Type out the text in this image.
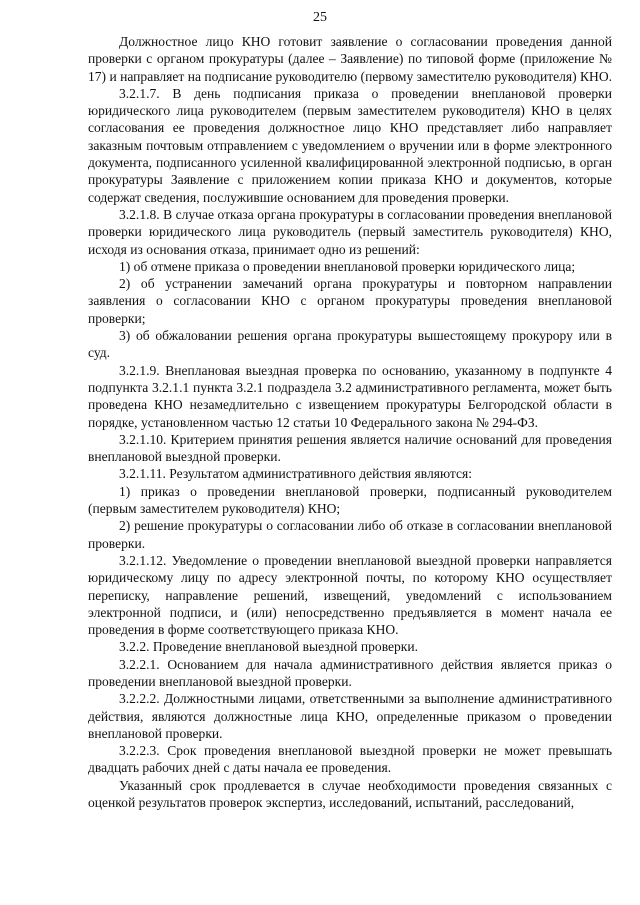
25

Должностное лицо КНО готовит заявление о согласовании проведения данной проверки с органом прокуратуры (далее – Заявление) по типовой форме (приложение № 17) и направляет на подписание руководителю (первому заместителю руководителя) КНО.

3.2.1.7. В день подписания приказа о проведении внеплановой проверки юридического лица руководителем (первым заместителем руководителя) КНО в целях согласования ее проведения должностное лицо КНО представляет либо направляет заказным почтовым отправлением с уведомлением о вручении или в форме электронного документа, подписанного усиленной квалифицированной электронной подписью, в орган прокуратуры Заявление с приложением копии приказа КНО и документов, которые содержат сведения, послужившие основанием для проведения проверки.

3.2.1.8. В случае отказа органа прокуратуры в согласовании проведения внеплановой проверки юридического лица руководитель (первый заместитель руководителя) КНО, исходя из основания отказа, принимает одно из решений:

1) об отмене приказа о проведении внеплановой проверки юридического лица;

2) об устранении замечаний органа прокуратуры и повторном направлении заявления о согласовании КНО с органом прокуратуры проведения внеплановой проверки;

3) об обжаловании решения органа прокуратуры вышестоящему прокурору или в суд.

3.2.1.9. Внеплановая выездная проверка по основанию, указанному в подпункте 4 подпункта 3.2.1.1 пункта 3.2.1 подраздела 3.2 административного регламента, может быть проведена КНО незамедлительно с извещением прокуратуры Белгородской области в порядке, установленном частью 12 статьи 10 Федерального закона № 294-ФЗ.

3.2.1.10. Критерием принятия решения является наличие оснований для проведения внеплановой выездной проверки.

3.2.1.11. Результатом административного действия являются:

1) приказ о проведении внеплановой проверки, подписанный руководителем (первым заместителем руководителя) КНО;

2) решение прокуратуры о согласовании либо об отказе в согласовании внеплановой проверки.

3.2.1.12. Уведомление о проведении внеплановой выездной проверки направляется юридическому лицу по адресу электронной почты, по которому КНО осуществляет переписку, направление решений, извещений, уведомлений с использованием электронной подписи, и (или) непосредственно предъявляется в момент начала ее проведения в форме соответствующего приказа КНО.

3.2.2. Проведение внеплановой выездной проверки.

3.2.2.1. Основанием для начала административного действия является приказ о проведении внеплановой выездной проверки.

3.2.2.2. Должностными лицами, ответственными за выполнение административного действия, являются должностные лица КНО, определенные приказом о проведении внеплановой проверки.

3.2.2.3. Срок проведения внеплановой выездной проверки не может превышать двадцать рабочих дней с даты начала ее проведения.

Указанный срок продлевается в случае необходимости проведения связанных с оценкой результатов проверок экспертиз, исследований, испытаний, расследований,
